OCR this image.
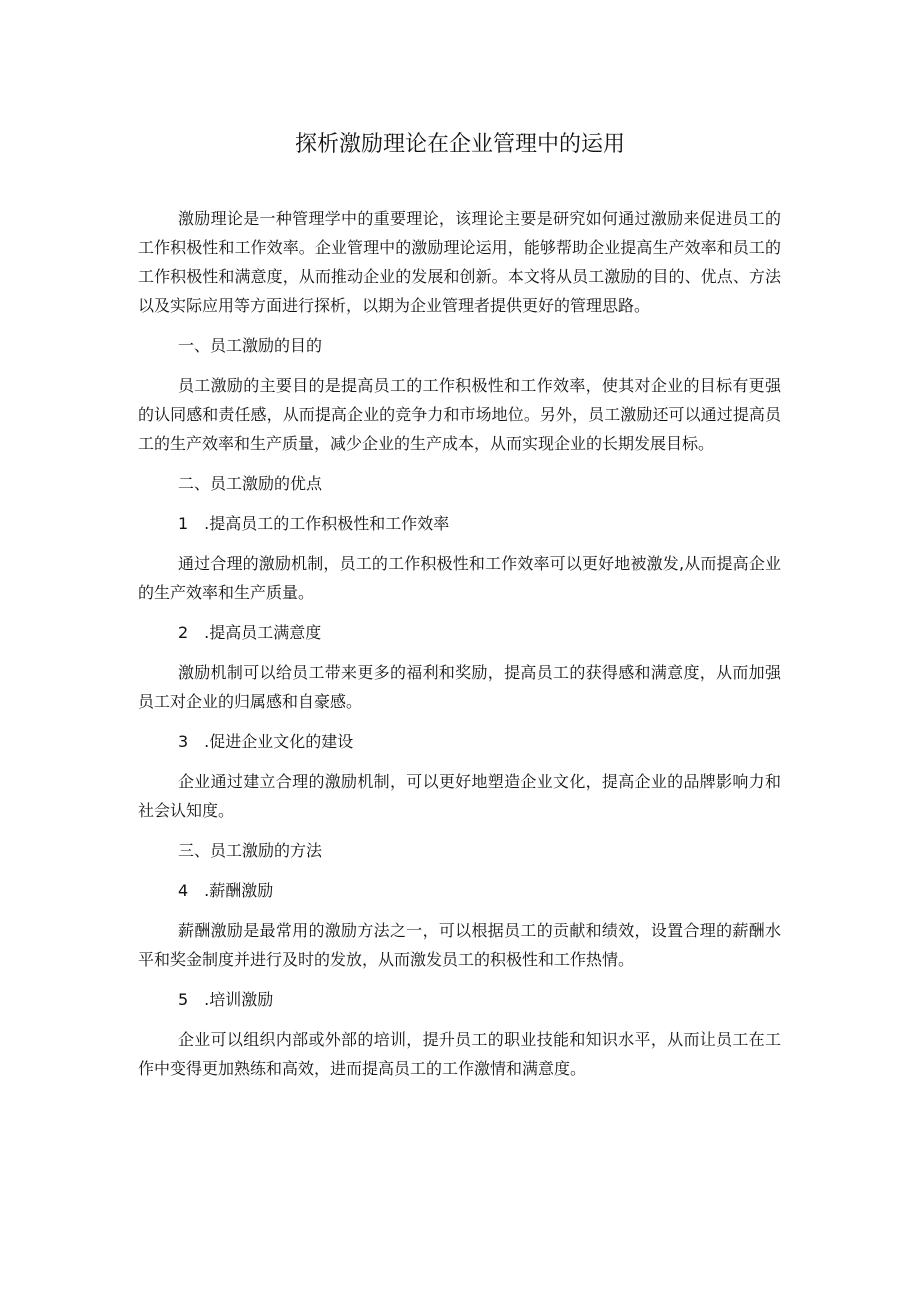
探析激励理论在企业管理中的运用

激励理论是一种管理学中的重要理论，该理论主要是研究如何通过激励来促进员工的工作积极性和工作效率。企业管理中的激励理论运用，能够帮助企业提高生产效率和员工的工作积极性和满意度，从而推动企业的发展和创新。本文将从员工激励的目的、优点、方法以及实际应用等方面进行探析，以期为企业管理者提供更好的管理思路。

一、员工激励的目的

员工激励的主要目的是提高员工的工作积极性和工作效率，使其对企业的目标有更强的认同感和责任感，从而提高企业的竞争力和市场地位。另外，员工激励还可以通过提高员工的生产效率和生产质量，减少企业的生产成本，从而实现企业的长期发展目标。

二、员工激励的优点

1　.提高员工的工作积极性和工作效率

通过合理的激励机制，员工的工作积极性和工作效率可以更好地被激发,从而提高企业的生产效率和生产质量。

2　.提高员工满意度

激励机制可以给员工带来更多的福利和奖励，提高员工的获得感和满意度，从而加强员工对企业的归属感和自豪感。

3　.促进企业文化的建设

企业通过建立合理的激励机制，可以更好地塑造企业文化，提高企业的品牌影响力和社会认知度。

三、员工激励的方法

4　.薪酬激励

薪酬激励是最常用的激励方法之一，可以根据员工的贡献和绩效，设置合理的薪酬水平和奖金制度并进行及时的发放，从而激发员工的积极性和工作热情。

5　.培训激励

企业可以组织内部或外部的培训，提升员工的职业技能和知识水平，从而让员工在工作中变得更加熟练和高效，进而提高员工的工作激情和满意度。
